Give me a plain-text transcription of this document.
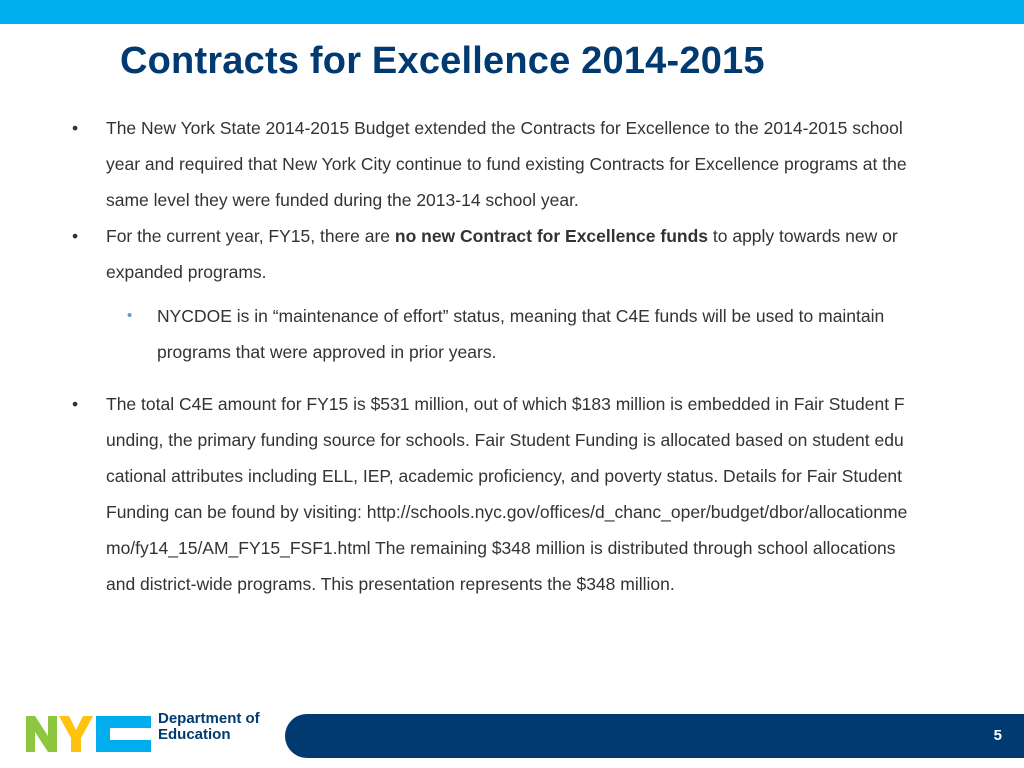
Contracts for Excellence 2014-2015

• The New York State 2014-2015 Budget extended the Contracts for Excellence to the 2014-2015 school year and required that New York City continue to fund existing Contracts for Excellence programs at the same level they were funded during the 2013-14 school year.

• For the current year, FY15, there are no new Contract for Excellence funds to apply towards new or expanded programs.

• NYCDOE is in “maintenance of effort” status, meaning that C4E funds will be used to maintain programs that were approved in prior years.

• The total C4E amount for FY15 is $531 million, out of which $183 million is embedded in Fair Student Funding, the primary funding source for schools. Fair Student Funding is allocated based on student educational attributes including ELL, IEP, academic proficiency, and poverty status. Details for Fair Student Funding can be found by visiting: http://schools.nyc.gov/offices/d_chanc_oper/budget/dbor/allocationmemo/fy14_15/AM_FY15_FSF1.html The remaining $348 million is distributed through school allocations and district-wide programs. This presentation represents the $348 million.

Department of
Education	5
